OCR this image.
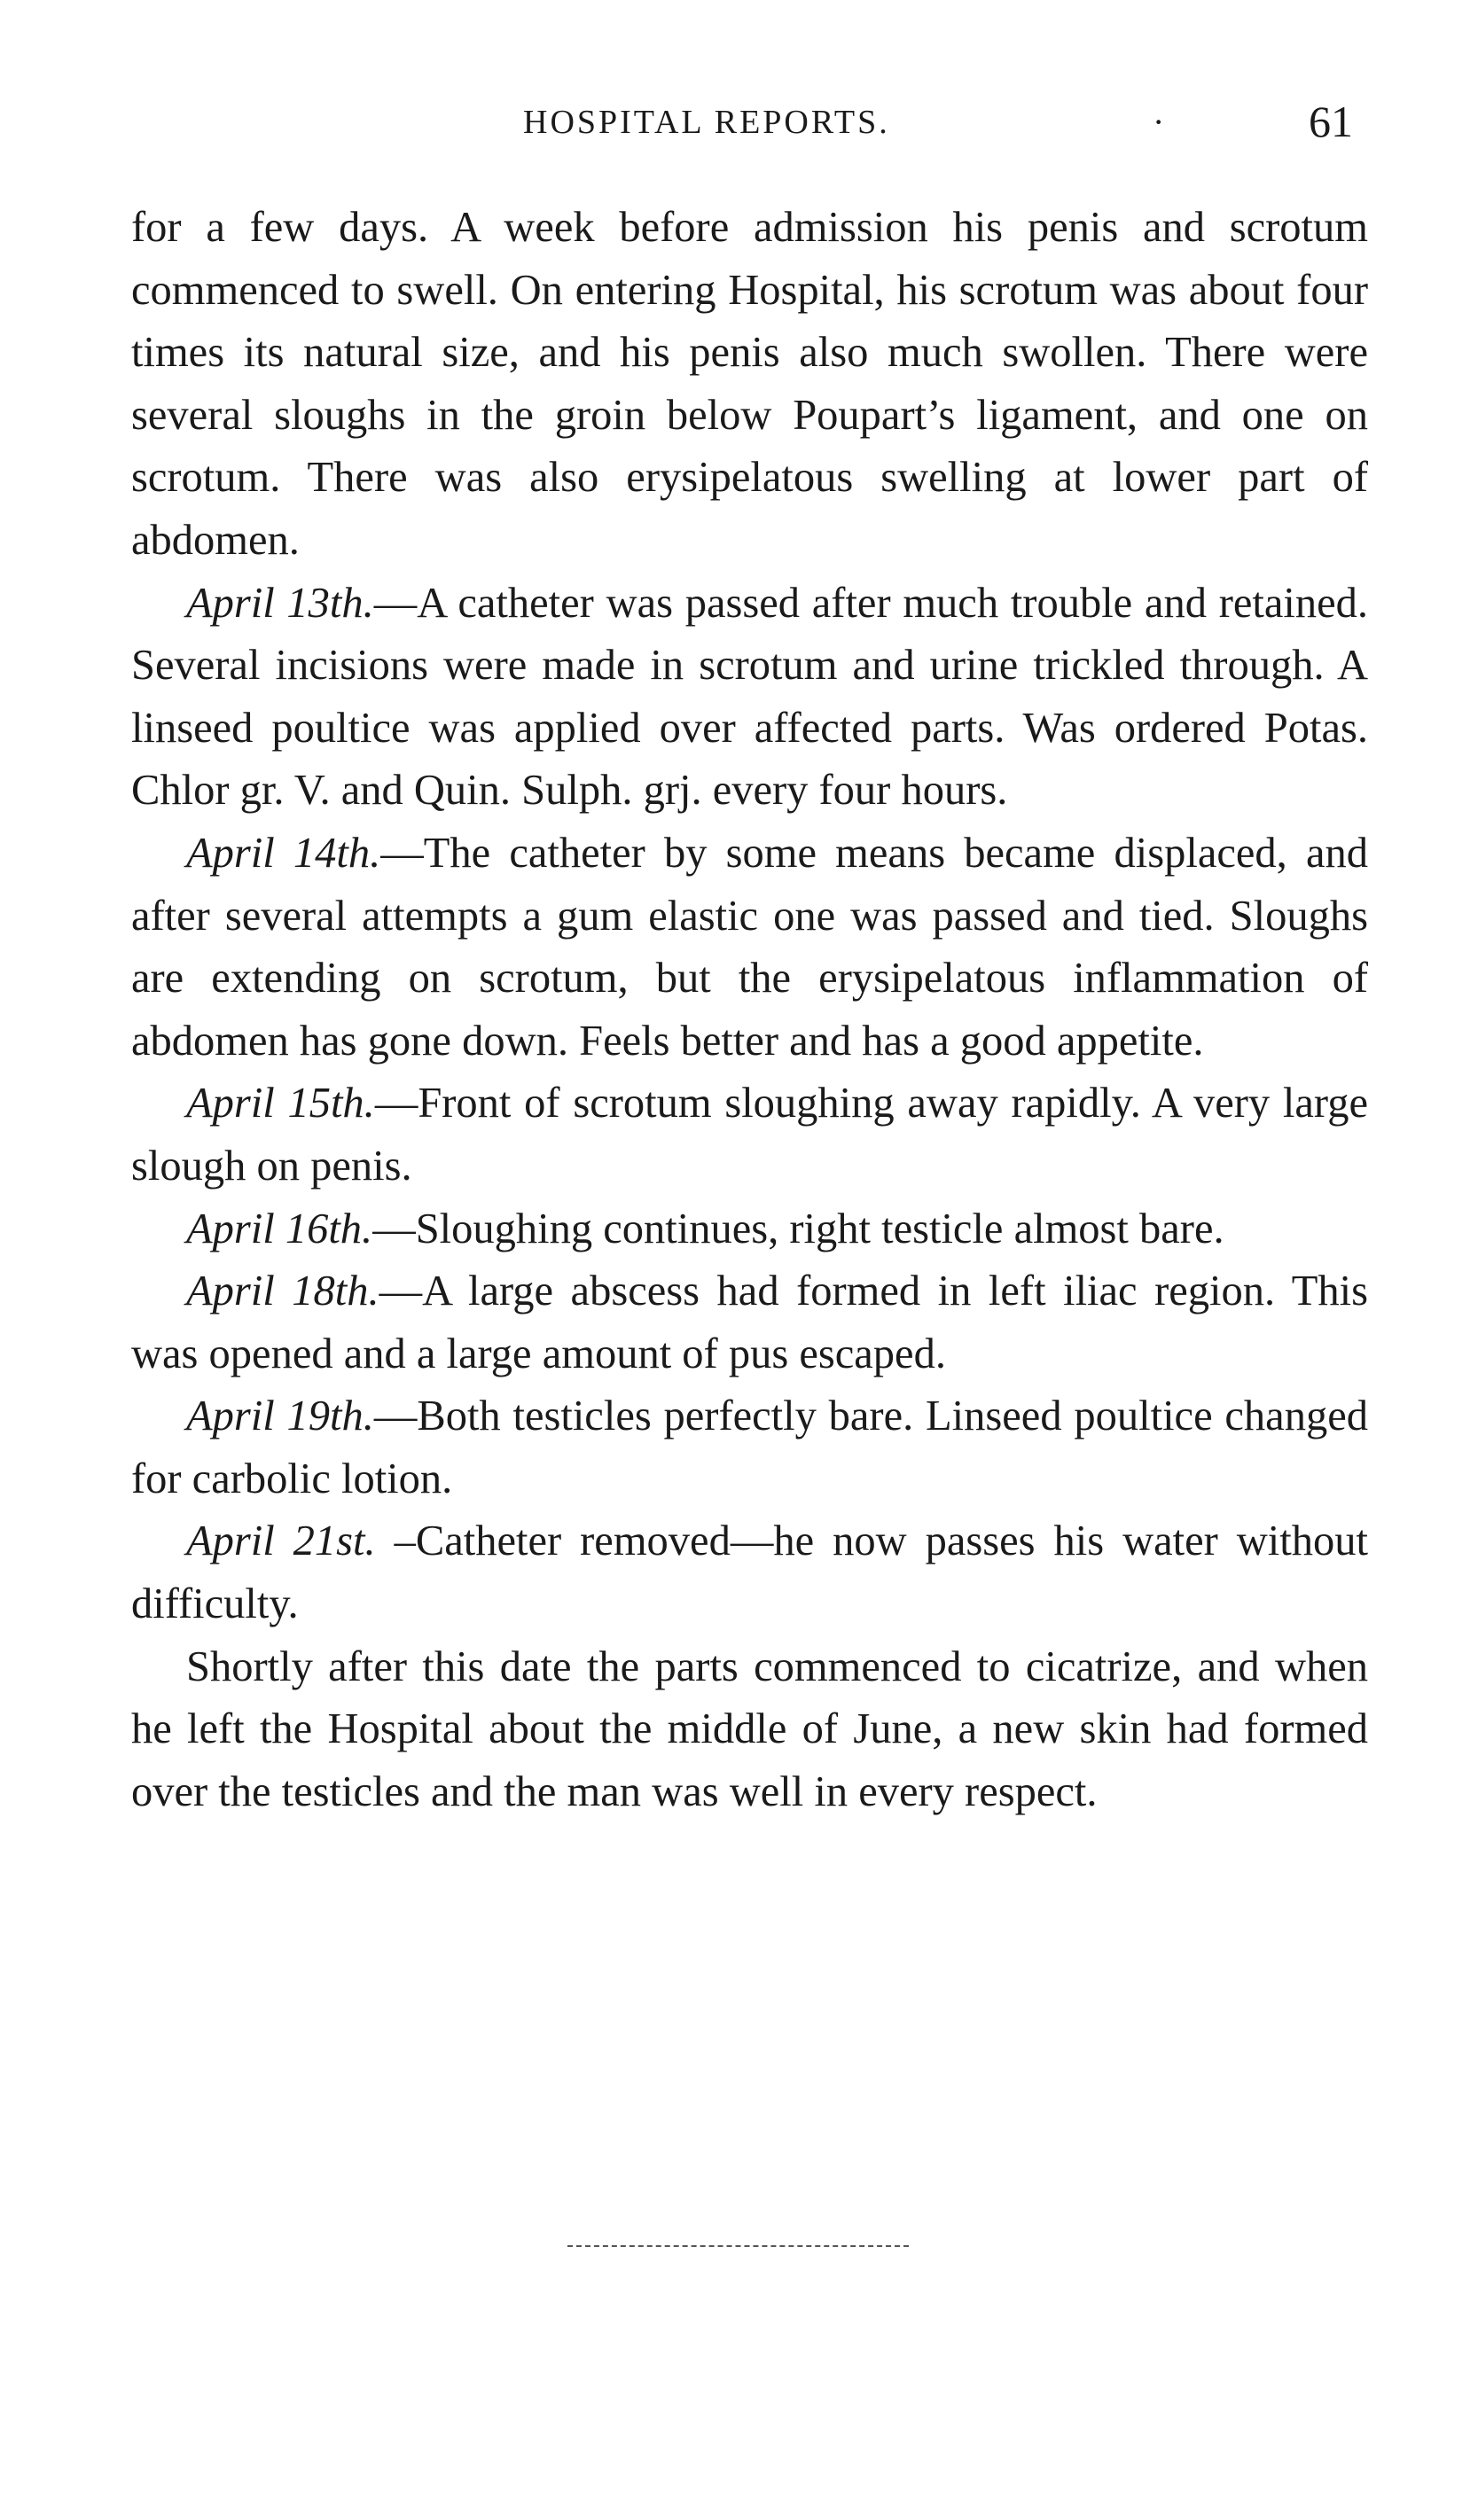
HOSPITAL REPORTS.	·	61

for a few days. A week before admission his penis and scrotum commenced to swell. On entering Hospital, his scrotum was about four times its natural size, and his penis also much swollen. There were several sloughs in the groin below Poupart’s ligament, and one on scrotum. There was also erysipelatous swelling at lower part of abdomen.

April 13th.—A catheter was passed after much trouble and retained. Several incisions were made in scrotum and urine trickled through. A linseed poultice was applied over affected parts. Was ordered Potas. Chlor gr. V. and Quin. Sulph. grj. every four hours.

April 14th.—The catheter by some means became displaced, and after several attempts a gum elastic one was passed and tied. Sloughs are extending on scrotum, but the erysipelatous inflammation of abdomen has gone down. Feels better and has a good appetite.

April 15th.—Front of scrotum sloughing away rapidly. A very large slough on penis.

April 16th.—Sloughing continues, right testicle almost bare.

April 18th.—A large abscess had formed in left iliac region. This was opened and a large amount of pus escaped.

April 19th.—Both testicles perfectly bare. Linseed poultice changed for carbolic lotion.

April 21st. –Catheter removed—he now passes his water without difficulty.

Shortly after this date the parts commenced to cicatrize, and when he left the Hospital about the middle of June, a new skin had formed over the testicles and the man was well in every respect.
